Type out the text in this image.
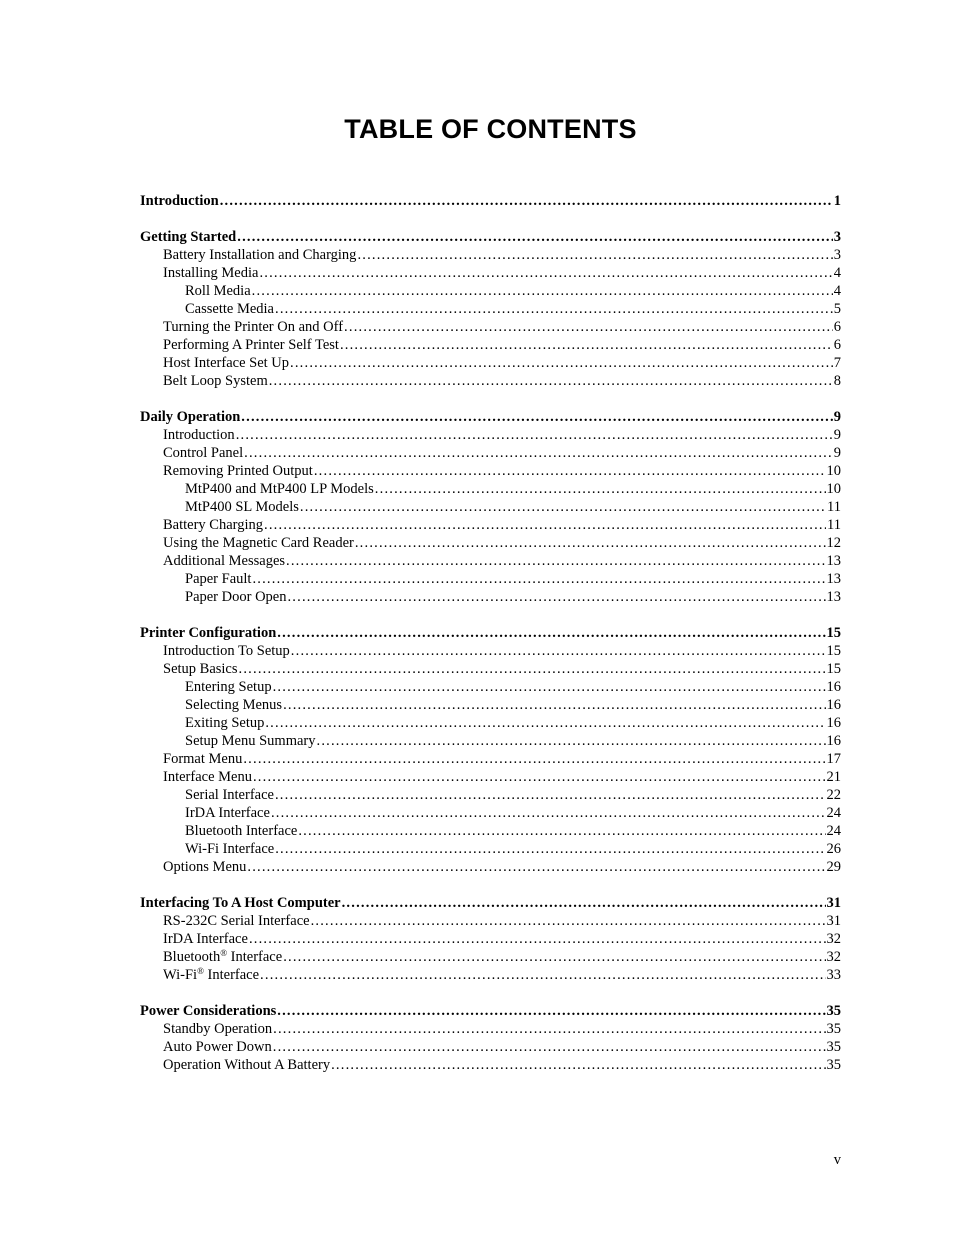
TABLE OF CONTENTS
Introduction .....	1
Getting Started .....	3
Battery Installation and Charging .....	3
Installing Media .....	4
Roll Media .....	4
Cassette Media .....	5
Turning the Printer On and Off .....	6
Performing A Printer Self Test .....	6
Host Interface Set Up .....	7
Belt Loop System .....	8
Daily Operation .....	9
Introduction .....	9
Control Panel .....	9
Removing Printed Output .....	10
MtP400 and MtP400 LP Models .....	10
MtP400 SL Models .....	11
Battery Charging .....	11
Using the Magnetic Card Reader .....	12
Additional Messages .....	13
Paper Fault .....	13
Paper Door Open .....	13
Printer Configuration .....	15
Introduction To Setup .....	15
Setup Basics .....	15
Entering Setup .....	16
Selecting Menus .....	16
Exiting Setup .....	16
Setup Menu Summary .....	16
Format Menu .....	17
Interface Menu .....	21
Serial Interface .....	22
IrDA Interface .....	24
Bluetooth Interface .....	24
Wi-Fi Interface .....	26
Options Menu .....	29
Interfacing To A Host Computer .....	31
RS-232C Serial Interface .....	31
IrDA Interface .....	32
Bluetooth® Interface .....	32
Wi-Fi® Interface .....	33
Power Considerations .....	35
Standby Operation .....	35
Auto Power Down .....	35
Operation Without A Battery .....	35
v
